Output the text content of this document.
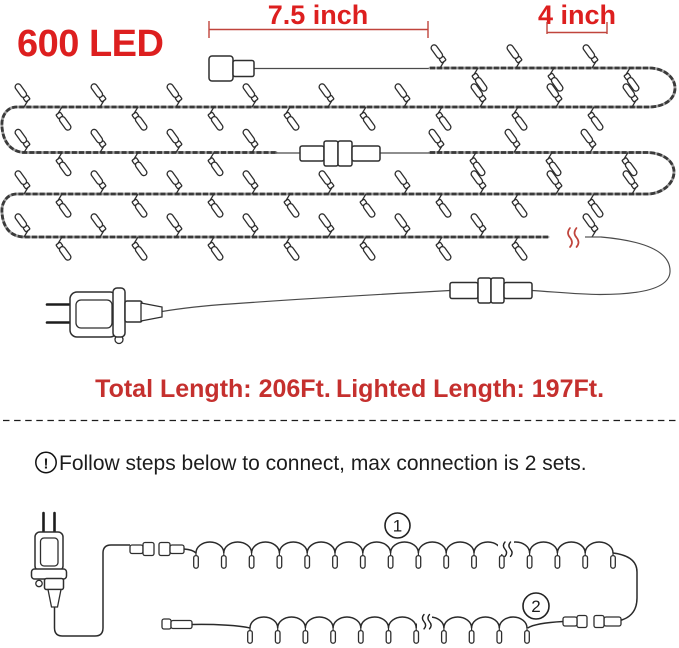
600 LED
7.5 inch	4 inch
Total Length: 206Ft. Lighted Length: 197Ft.
! Follow steps below to connect, max connection is 2 sets.
1
2
